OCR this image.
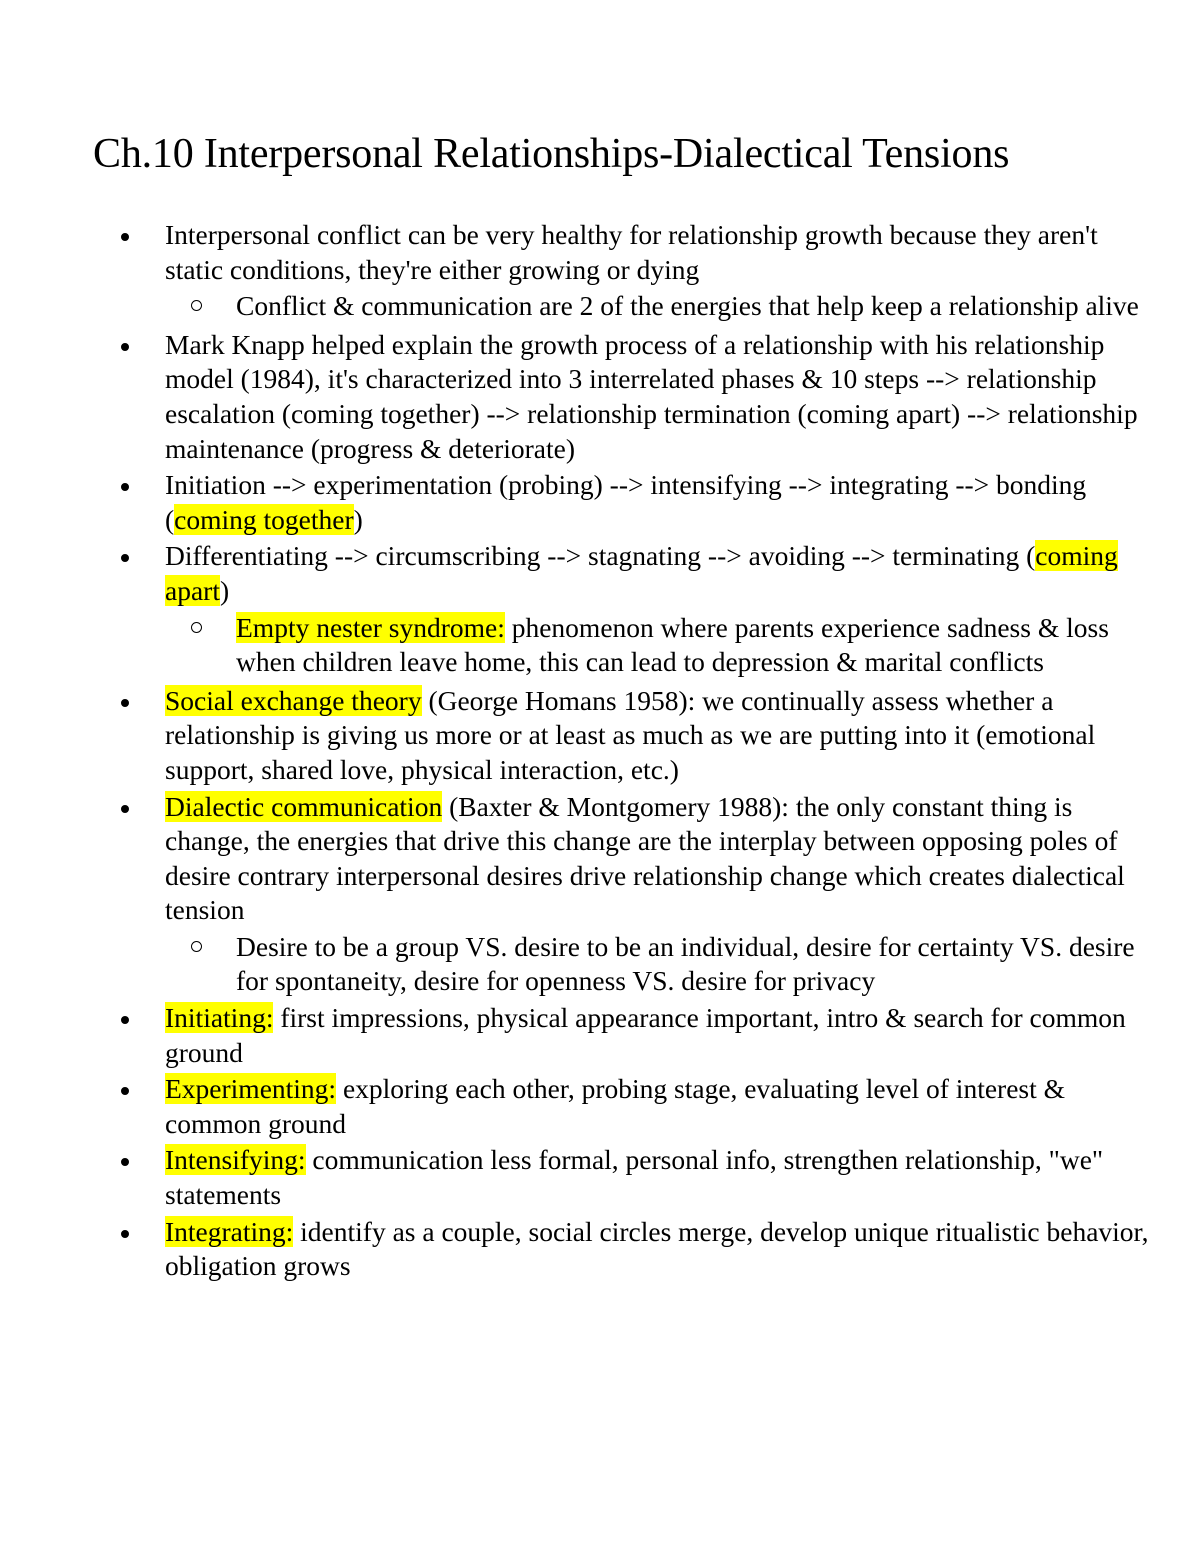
Ch.10 Interpersonal Relationships-Dialectical Tensions
Interpersonal conflict can be very healthy for relationship growth because they aren't static conditions, they're either growing or dying
Conflict & communication are 2 of the energies that help keep a relationship alive
Mark Knapp helped explain the growth process of a relationship with his relationship model (1984), it's characterized into 3 interrelated phases & 10 steps --> relationship escalation (coming together) --> relationship termination (coming apart) --> relationship maintenance (progress & deteriorate)
Initiation --> experimentation (probing) --> intensifying --> integrating --> bonding (coming together)
Differentiating --> circumscribing --> stagnating --> avoiding --> terminating (coming apart)
Empty nester syndrome: phenomenon where parents experience sadness & loss when children leave home, this can lead to depression & marital conflicts
Social exchange theory (George Homans 1958): we continually assess whether a relationship is giving us more or at least as much as we are putting into it (emotional support, shared love, physical interaction, etc.)
Dialectic communication (Baxter & Montgomery 1988): the only constant thing is change, the energies that drive this change are the interplay between opposing poles of desire contrary interpersonal desires drive relationship change which creates dialectical tension
Desire to be a group VS. desire to be an individual, desire for certainty VS. desire for spontaneity, desire for openness VS. desire for privacy
Initiating: first impressions, physical appearance important, intro & search for common ground
Experimenting: exploring each other, probing stage, evaluating level of interest & common ground
Intensifying: communication less formal, personal info, strengthen relationship, "we" statements
Integrating: identify as a couple, social circles merge, develop unique ritualistic behavior, obligation grows
